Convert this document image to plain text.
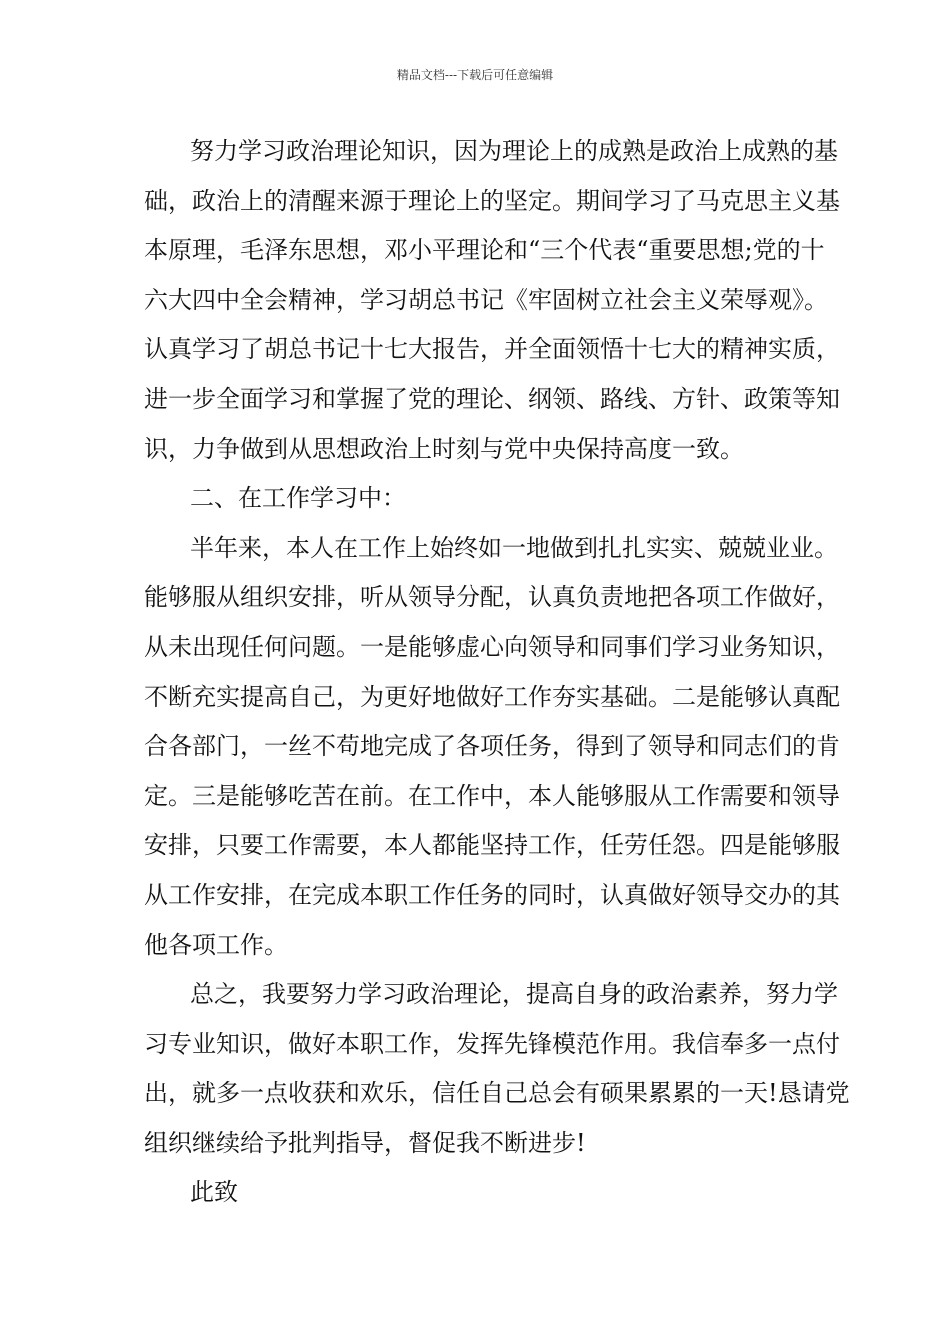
精品文档---下载后可任意编辑
努力学习政治理论知识，因为理论上的成熟是政治上成熟的基
础，政治上的清醒来源于理论上的坚定。期间学习了马克思主义基
本原理，毛泽东思想，邓小平理论和“三个代表“重要思想;党的十
六大四中全会精神，学习胡总书记《牢固树立社会主义荣辱观》。
认真学习了胡总书记十七大报告，并全面领悟十七大的精神实质，
进一步全面学习和掌握了党的理论、纲领、路线、方针、政策等知
识，力争做到从思想政治上时刻与党中央保持高度一致。
二、在工作学习中：
半年来，本人在工作上始终如一地做到扎扎实实、兢兢业业。
能够服从组织安排，听从领导分配，认真负责地把各项工作做好，
从未出现任何问题。一是能够虚心向领导和同事们学习业务知识，
不断充实提高自己，为更好地做好工作夯实基础。二是能够认真配
合各部门，一丝不苟地完成了各项任务，得到了领导和同志们的肯
定。三是能够吃苦在前。在工作中，本人能够服从工作需要和领导
安排，只要工作需要，本人都能坚持工作，任劳任怨。四是能够服
从工作安排，在完成本职工作任务的同时，认真做好领导交办的其
他各项工作。
总之，我要努力学习政治理论，提高自身的政治素养，努力学
习专业知识，做好本职工作，发挥先锋模范作用。我信奉多一点付
出，就多一点收获和欢乐，信任自己总会有硕果累累的一天!恳请党
组织继续给予批判指导，督促我不断进步!
此致
